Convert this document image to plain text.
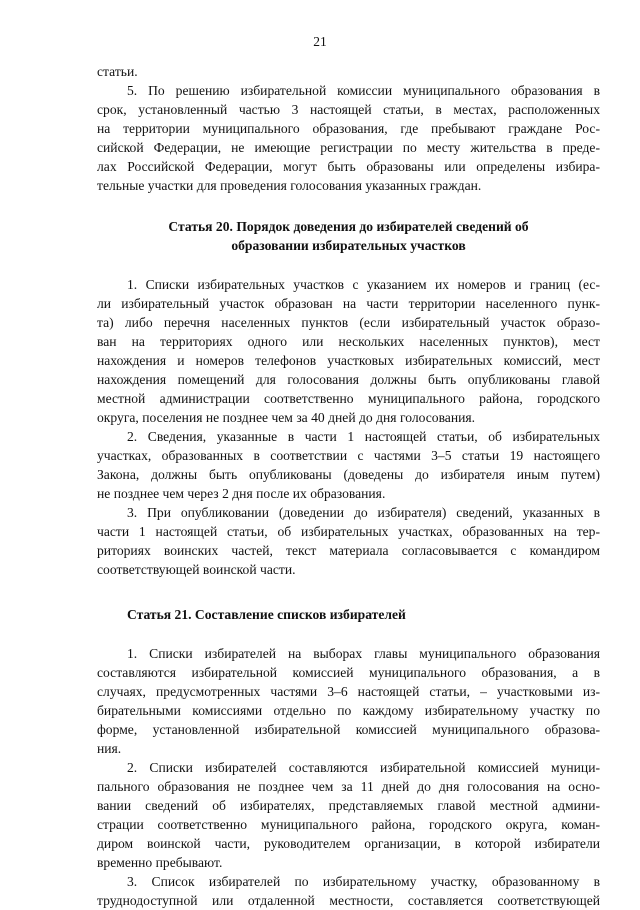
21
статьи.
5. По решению избирательной комиссии муниципального образования в
срок, установленный частью 3 настоящей статьи, в местах, расположенных
на территории муниципального образования, где пребывают граждане Рос-
сийской Федерации, не имеющие регистрации по месту жительства в преде-
лах Российской Федерации, могут быть образованы или определены избира-
тельные участки для проведения голосования указанных граждан.
Статья 20. Порядок доведения до избирателей сведений об
образовании избирательных участков
1. Списки избирательных участков с указанием их номеров и границ (ес-
ли избирательный участок образован на части территории населенного пунк-
та) либо перечня населенных пунктов (если избирательный участок образо-
ван на территориях одного или нескольких населенных пунктов), мест
нахождения и номеров телефонов участковых избирательных комиссий, мест
нахождения помещений для голосования должны быть опубликованы главой
местной администрации соответственно муниципального района, городского
округа, поселения не позднее чем за 40 дней до дня голосования.
2. Сведения, указанные в части 1 настоящей статьи, об избирательных
участках, образованных в соответствии с частями 3–5 статьи 19 настоящего
Закона, должны быть опубликованы (доведены до избирателя иным путем)
не позднее чем через 2 дня после их образования.
3. При опубликовании (доведении до избирателя) сведений, указанных в
части 1 настоящей статьи, об избирательных участках, образованных на тер-
риториях воинских частей, текст материала согласовывается с командиром
соответствующей воинской части.
Статья 21. Составление списков избирателей
1. Списки избирателей на выборах главы муниципального образования
составляются избирательной комиссией муниципального образования, а в
случаях, предусмотренных частями 3–6 настоящей статьи, – участковыми из-
бирательными комиссиями отдельно по каждому избирательному участку по
форме, установленной избирательной комиссией муниципального образова-
ния.
2. Списки избирателей составляются избирательной комиссией муници-
пального образования не позднее чем за 11 дней до дня голосования на осно-
вании сведений об избирателях, представляемых главой местной админи-
страции соответственно муниципального района, городского округа, коман-
диром воинской части, руководителем организации, в которой избиратели
временно пребывают.
3. Список избирателей по избирательному участку, образованному в
труднодоступной или отдаленной местности, составляется соответствующей
